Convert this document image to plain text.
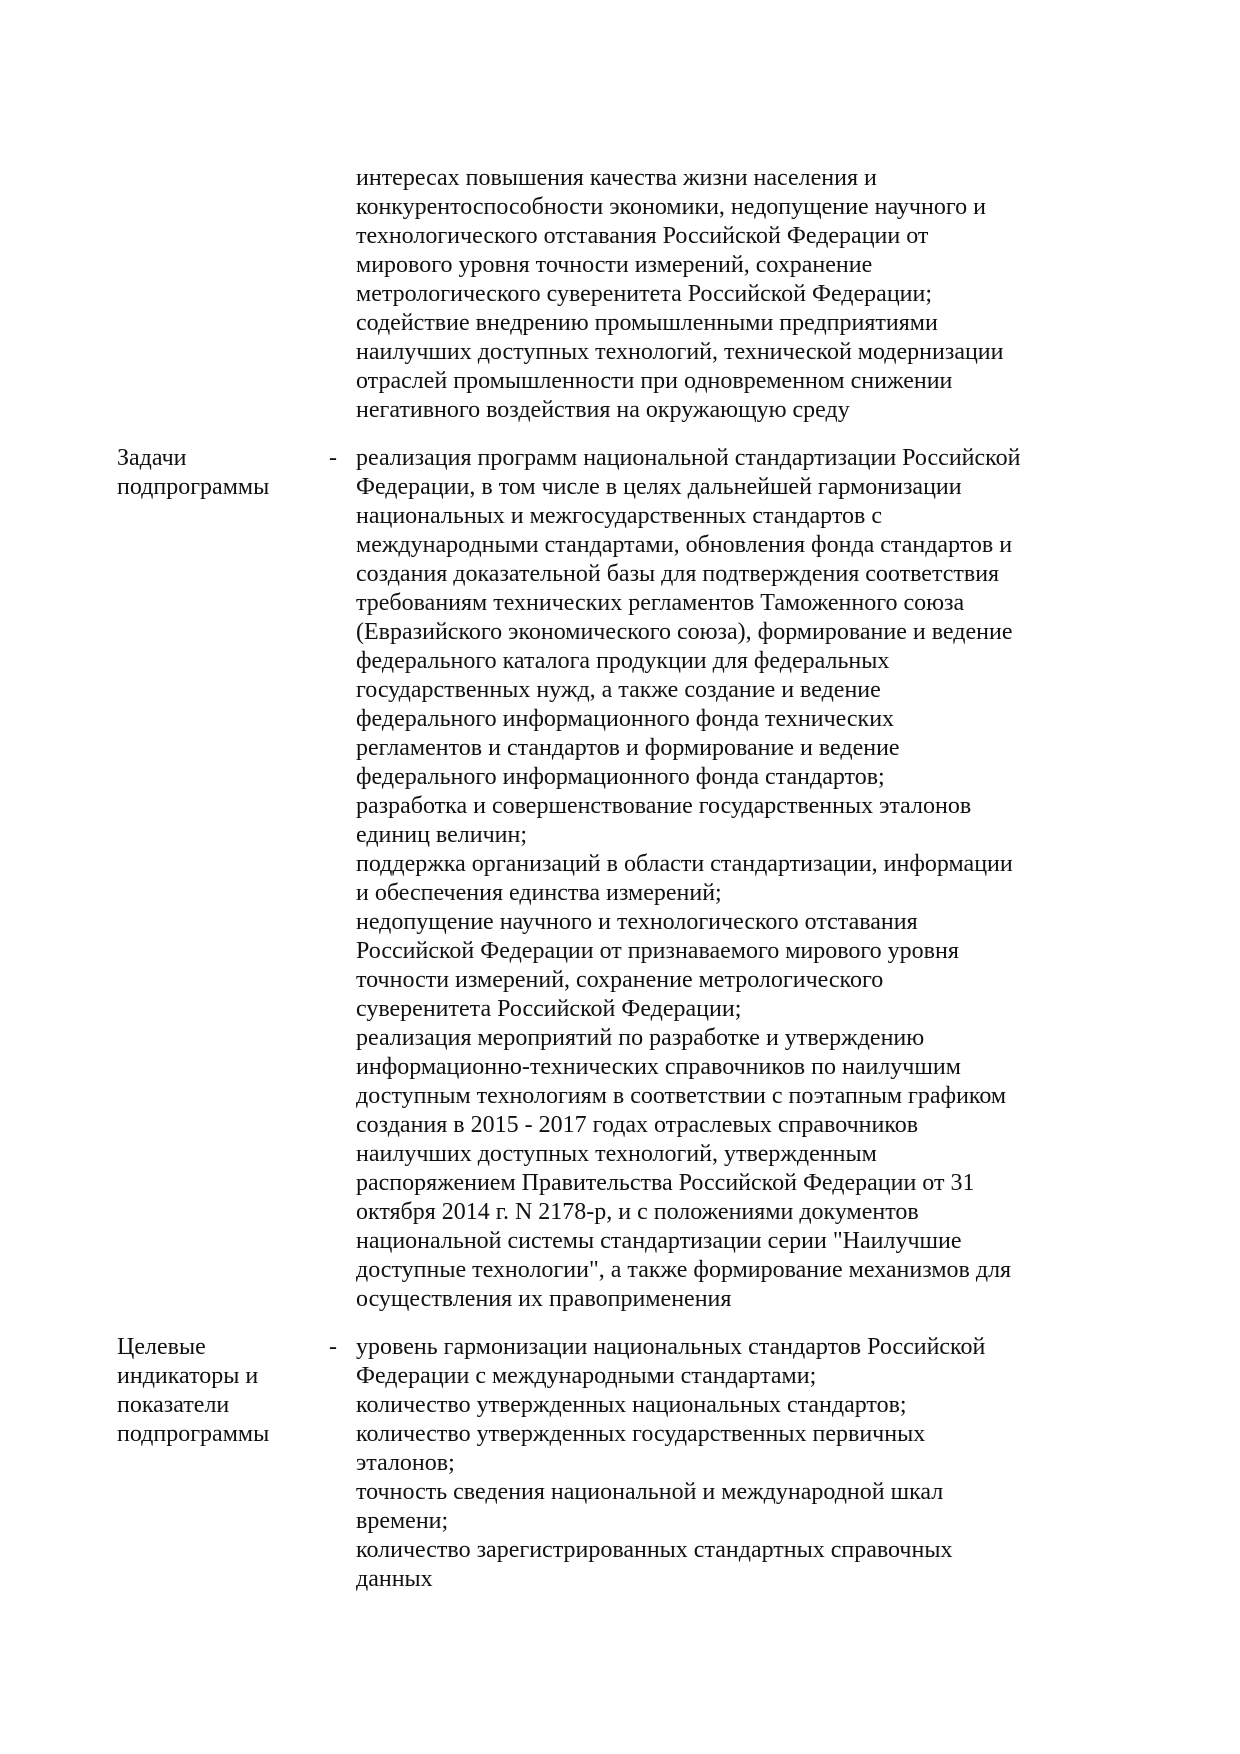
интересах повышения качества жизни населения и
конкурентоспособности экономики, недопущение научного и
технологического отставания Российской Федерации от
мирового уровня точности измерений, сохранение
метрологического суверенитета Российской Федерации;
содействие внедрению промышленными предприятиями
наилучших доступных технологий, технической модернизации
отраслей промышленности при одновременном снижении
негативного воздействия на окружающую среду
Задачи
подпрограммы
- реализация программ национальной стандартизации Российской
Федерации, в том числе в целях дальнейшей гармонизации
национальных и межгосударственных стандартов с
международными стандартами, обновления фонда стандартов и
создания доказательной базы для подтверждения соответствия
требованиям технических регламентов Таможенного союза
(Евразийского экономического союза), формирование и ведение
федерального каталога продукции для федеральных
государственных нужд, а также создание и ведение
федерального информационного фонда технических
регламентов и стандартов и формирование и ведение
федерального информационного фонда стандартов;
разработка и совершенствование государственных эталонов
единиц величин;
поддержка организаций в области стандартизации, информации
и обеспечения единства измерений;
недопущение научного и технологического отставания
Российской Федерации от признаваемого мирового уровня
точности измерений, сохранение метрологического
суверенитета Российской Федерации;
реализация мероприятий по разработке и утверждению
информационно-технических справочников по наилучшим
доступным технологиям в соответствии с поэтапным графиком
создания в 2015 - 2017 годах отраслевых справочников
наилучших доступных технологий, утвержденным
распоряжением Правительства Российской Федерации от 31
октября 2014 г. N 2178-р, и с положениями документов
национальной системы стандартизации серии "Наилучшие
доступные технологии", а также формирование механизмов для
осуществления их правоприменения
Целевые
индикаторы и
показатели
подпрограммы
- уровень гармонизации национальных стандартов Российской
Федерации с международными стандартами;
количество утвержденных национальных стандартов;
количество утвержденных государственных первичных
эталонов;
точность сведения национальной и международной шкал
времени;
количество зарегистрированных стандартных справочных
данных
